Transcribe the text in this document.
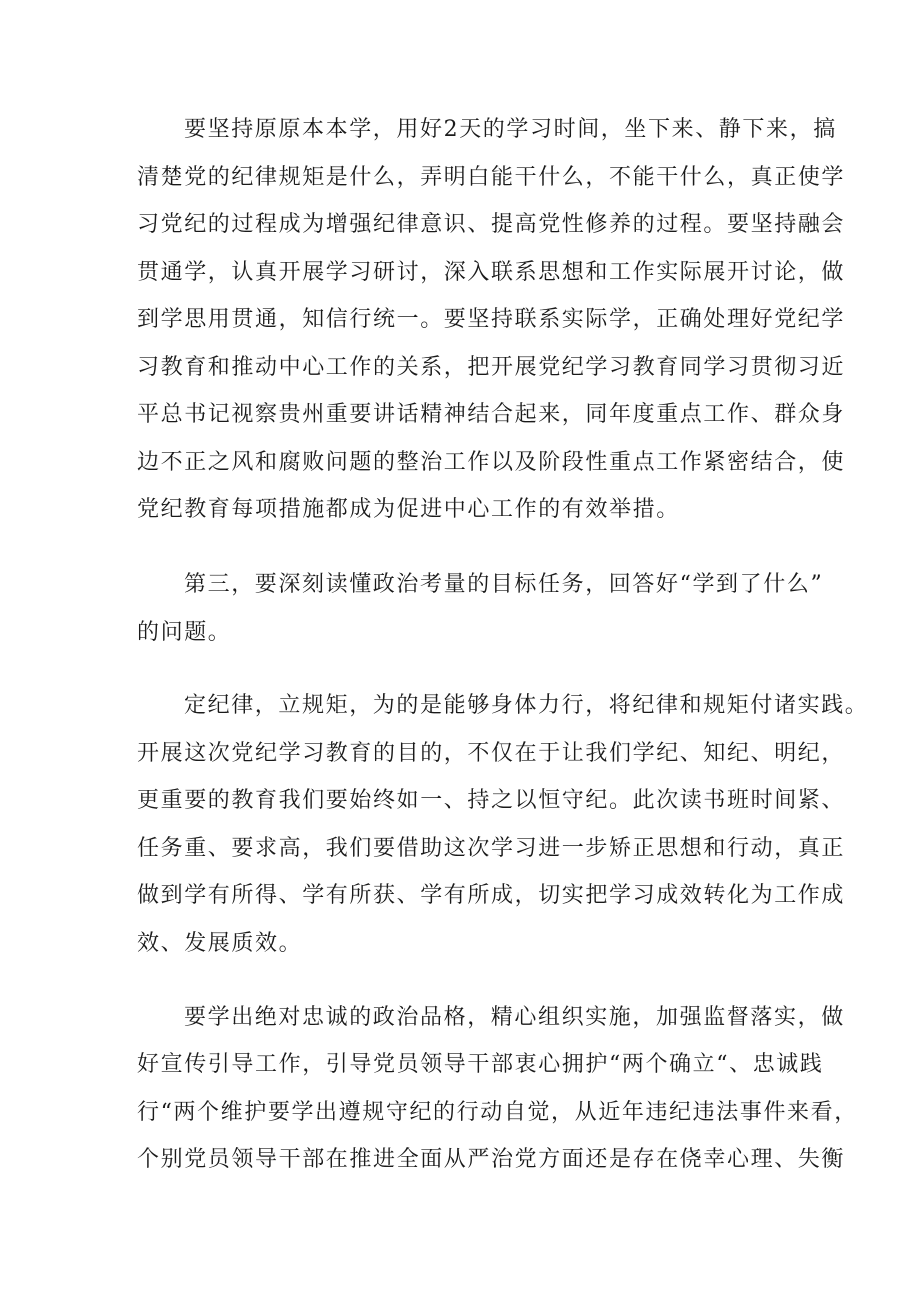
要坚持原原本本学，用好2天的学习时间，坐下来、静下来，搞
清楚党的纪律规矩是什么，弄明白能干什么，不能干什么，真正使学
习党纪的过程成为增强纪律意识、提高党性修养的过程。要坚持融会
贯通学，认真开展学习研讨，深入联系思想和工作实际展开讨论，做
到学思用贯通，知信行统一。要坚持联系实际学，正确处理好党纪学
习教育和推动中心工作的关系，把开展党纪学习教育同学习贯彻习近
平总书记视察贵州重要讲话精神结合起来，同年度重点工作、群众身
边不正之风和腐败问题的整治工作以及阶段性重点工作紧密结合，使
党纪教育每项措施都成为促进中心工作的有效举措。
第三，要深刻读懂政治考量的目标任务，回答好“学到了什么”
的问题。
定纪律，立规矩，为的是能够身体力行，将纪律和规矩付诸实践。
开展这次党纪学习教育的目的，不仅在于让我们学纪、知纪、明纪，
更重要的教育我们要始终如一、持之以恒守纪。此次读书班时间紧、
任务重、要求高，我们要借助这次学习进一步矫正思想和行动，真正
做到学有所得、学有所获、学有所成，切实把学习成效转化为工作成
效、发展质效。
要学出绝对忠诚的政治品格，精心组织实施，加强监督落实，做
好宣传引导工作，引导党员领导干部衷心拥护“两个确立“、忠诚践
行“两个维护要学出遵规守纪的行动自觉，从近年违纪违法事件来看，
个别党员领导干部在推进全面从严治党方面还是存在侥幸心理、失衡
